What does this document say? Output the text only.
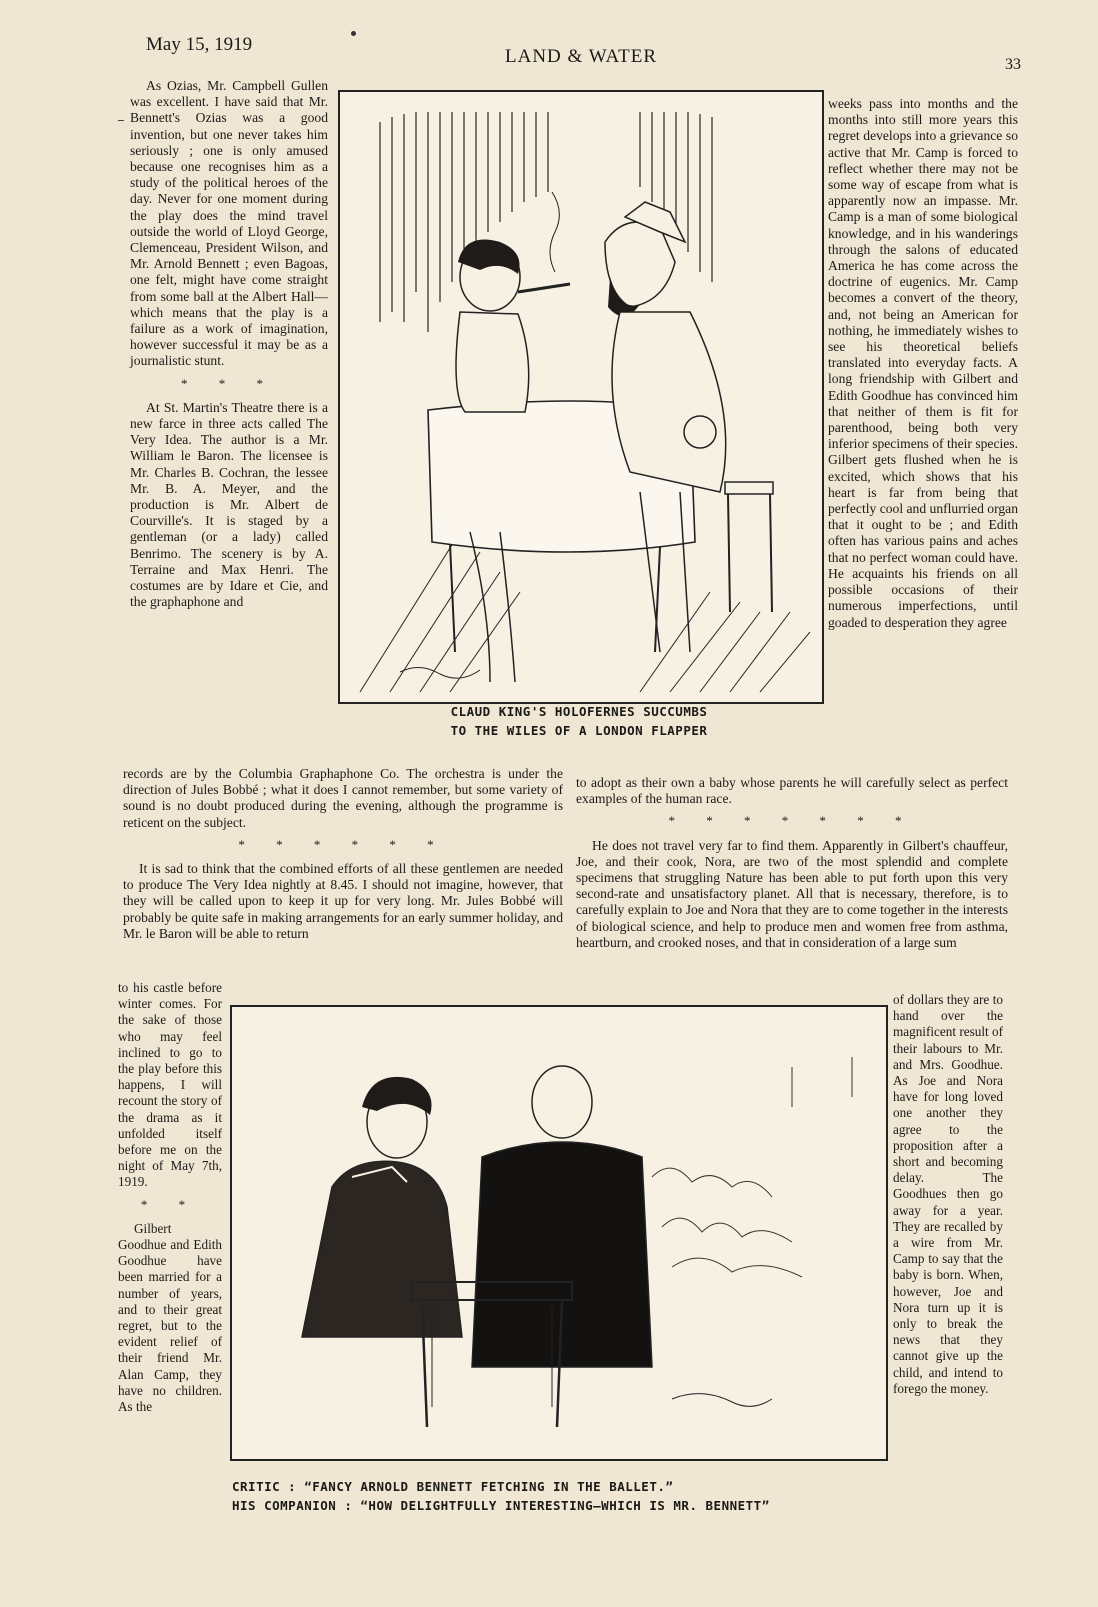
May 15, 1919
LAND & WATER	33

As Ozias, Mr. Campbell Gullen was excellent. I have said that Mr. Bennett's Ozias was a good invention, but one never takes him seriously ; one is only amused because one recognises him as a study of the political heroes of the day. Never for one moment during the play does the mind travel outside the world of Lloyd George, Clemenceau, President Wilson, and Mr. Arnold Bennett ; even Bagoas, one felt, might have come straight from some ball at the Albert Hall—which means that the play is a failure as a work of imagination, however successful it may be as a journalistic stunt.

* * *

At St. Martin's Theatre there is a new farce in three acts called The Very Idea. The author is a Mr. William le Baron. The licensee is Mr. Charles B. Cochran, the lessee Mr. B. A. Meyer, and the production is Mr. Albert de Courville's. It is staged by a gentleman (or a lady) called Benrimo. The scenery is by A. Terraine and Max Henri. The costumes are by Idare et Cie, and the graphaphone and

CLAUD KING'S HOLOFERNES SUCCUMBS
TO THE WILES OF A LONDON FLAPPER

weeks pass into months and the months into still more years this regret develops into a grievance so active that Mr. Camp is forced to reflect whether there may not be some way of escape from what is apparently now an impasse. Mr. Camp is a man of some biological knowledge, and in his wanderings through the salons of educated America he has come across the doctrine of eugenics. Mr. Camp becomes a convert of the theory, and, not being an American for nothing, he immediately wishes to see his theoretical beliefs translated into everyday facts. A long friendship with Gilbert and Edith Goodhue has convinced him that neither of them is fit for parenthood, being both very inferior specimens of their species. Gilbert gets flushed when he is excited, which shows that his heart is far from being that perfectly cool and unflurried organ that it ought to be ; and Edith often has various pains and aches that no perfect woman could have. He acquaints his friends on all possible occasions of their numerous imperfections, until goaded to desperation they agree

records are by the Columbia Graphaphone Co. The orchestra is under the direction of Jules Bobbé ; what it does I cannot remember, but some variety of sound is no doubt produced during the evening, although the programme is reticent on the subject.

* * * * * *

It is sad to think that the combined efforts of all these gentlemen are needed to produce The Very Idea nightly at 8.45. I should not imagine, however, that they will be called upon to keep it up for very long. Mr. Jules Bobbé will probably be quite safe in making arrangements for an early summer holiday, and Mr. le Baron will be able to return

to adopt as their own a baby whose parents he will carefully select as perfect examples of the human race.

* * * * * * *

He does not travel very far to find them. Apparently in Gilbert's chauffeur, Joe, and their cook, Nora, are two of the most splendid and complete specimens that struggling Nature has been able to put forth upon this very second-rate and unsatisfactory planet. All that is necessary, therefore, is to carefully explain to Joe and Nora that they are to come together in the interests of biological science, and help to produce men and women free from asthma, heartburn, and crooked noses, and that in consideration of a large sum

to his castle before winter comes. For the sake of those who may feel inclined to go to the play before this happens, I will recount the story of the drama as it unfolded itself before me on the night of May 7th, 1919.

* *

Gilbert Goodhue and Edith Goodhue have been married for a number of years, and to their great regret, but to the evident relief of their friend Mr. Alan Camp, they have no children. As the

CRITIC : “FANCY ARNOLD BENNETT FETCHING IN THE BALLET.”
HIS COMPANION : “HOW DELIGHTFULLY INTERESTING—WHICH IS MR. BENNETT”

of dollars they are to hand over the magnificent result of their labours to Mr. and Mrs. Goodhue. As Joe and Nora have for long loved one another they agree to the proposition after a short and becoming delay. The Goodhues then go away for a year. They are recalled by a wire from Mr. Camp to say that the baby is born. When, however, Joe and Nora turn up it is only to break the news that they cannot give up the child, and intend to forego the money.
